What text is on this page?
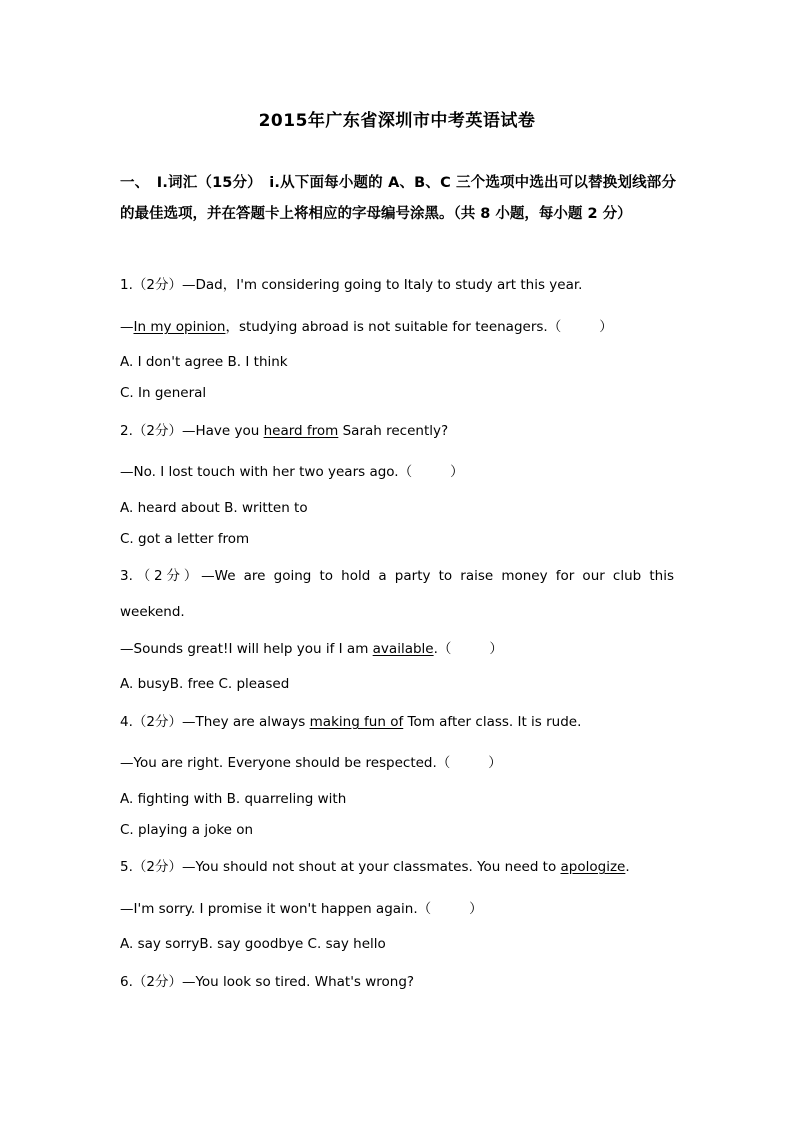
2015年广东省深圳市中考英语试卷
一、　Ⅰ.词汇（15分）　ⅰ.从下面每小题的 A、B、C 三个选项中选出可以替换划线部分的最佳选项，并在答题卡上将相应的字母编号涂黑。（共 8 小题，每小题 2 分）
1.（2分）—Dad，I'm considering going to Italy to study art this year.
—In my opinion，studying abroad is not suitable for teenagers.（	）
A. I don't agree B. I think
C. In general
2.（2分）—Have you heard from Sarah recently?
—No. I lost touch with her two years ago.（	）
A. heard about B. written to
C. got a letter from
3.（2分）—We are going to hold a party to raise money for our club this
weekend.
—Sounds great!I will help you if I am available.（	）
A. busyB. free C. pleased
4.（2分）—They are always making fun of Tom after class. It is rude.
—You are right. Everyone should be respected.（	）
A. fighting with B. quarreling with
C. playing a joke on
5.（2分）—You should not shout at your classmates. You need to apologize.
—I'm sorry. I promise it won't happen again.（	）
A. say sorryB. say goodbye C. say hello
6.（2分）—You look so tired. What's wrong?
